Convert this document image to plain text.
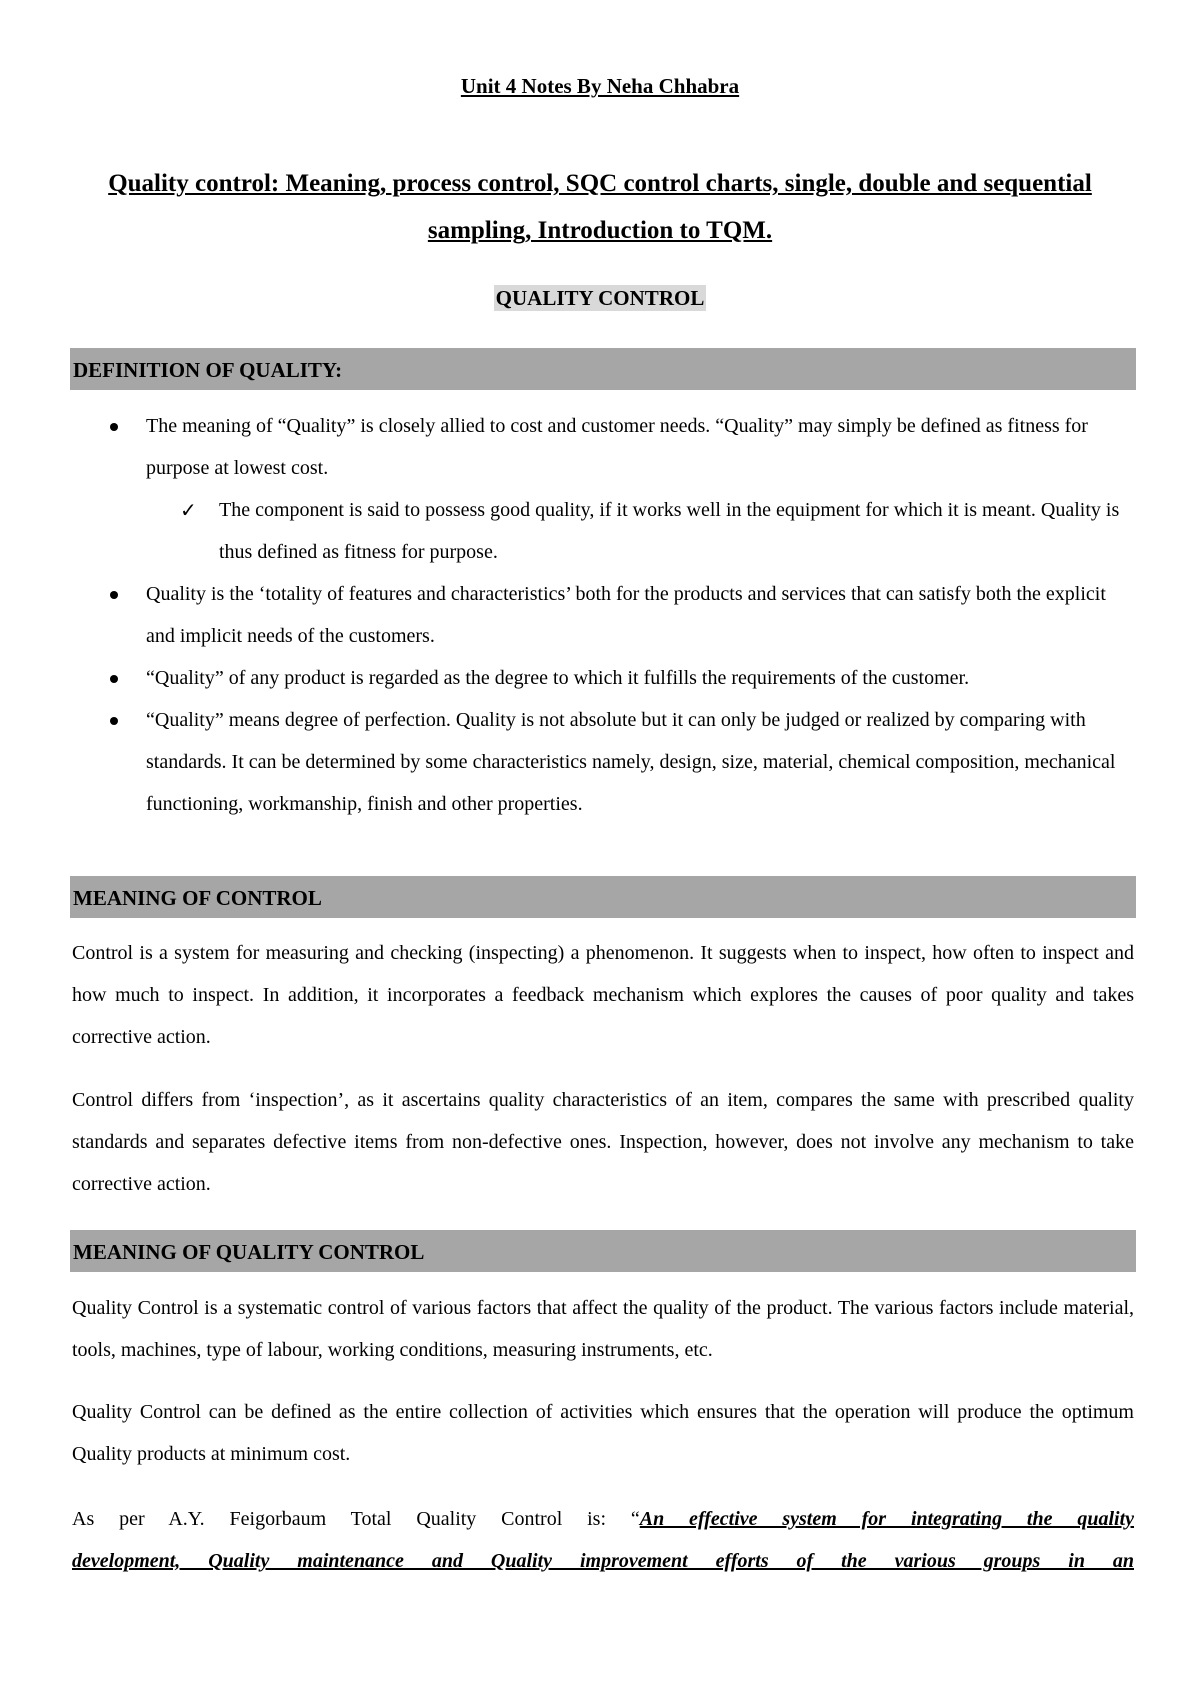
Unit 4 Notes By Neha Chhabra
Quality control: Meaning, process control, SQC control charts, single, double and sequential sampling, Introduction to TQM.
QUALITY CONTROL
DEFINITION OF QUALITY:
The meaning of “Quality” is closely allied to cost and customer needs. “Quality” may simply be defined as fitness for purpose at lowest cost.
✓ The component is said to possess good quality, if it works well in the equipment for which it is meant. Quality is thus defined as fitness for purpose.
Quality is the ‘totality of features and characteristics’ both for the products and services that can satisfy both the explicit and implicit needs of the customers.
“Quality” of any product is regarded as the degree to which it fulfills the requirements of the customer.
“Quality” means degree of perfection. Quality is not absolute but it can only be judged or realized by comparing with standards. It can be determined by some characteristics namely, design, size, material, chemical composition, mechanical functioning, workmanship, finish and other properties.
MEANING OF CONTROL

Control is a system for measuring and checking (inspecting) a phenomenon. It suggests when to inspect, how often to inspect and how much to inspect. In addition, it incorporates a feedback mechanism which explores the causes of poor quality and takes corrective action.

Control differs from ‘inspection’, as it ascertains quality characteristics of an item, compares the same with prescribed quality standards and separates defective items from non-defective ones. Inspection, however, does not involve any mechanism to take corrective action.

MEANING OF QUALITY CONTROL

Quality Control is a systematic control of various factors that affect the quality of the product. The various factors include material, tools, machines, type of labour, working conditions, measuring instruments, etc.

Quality Control can be defined as the entire collection of activities which ensures that the operation will produce the optimum Quality products at minimum cost.

As per A.Y. Feigorbaum Total Quality Control is: “An effective system for integrating the quality

development, Quality maintenance and Quality improvement efforts of the various groups in an
